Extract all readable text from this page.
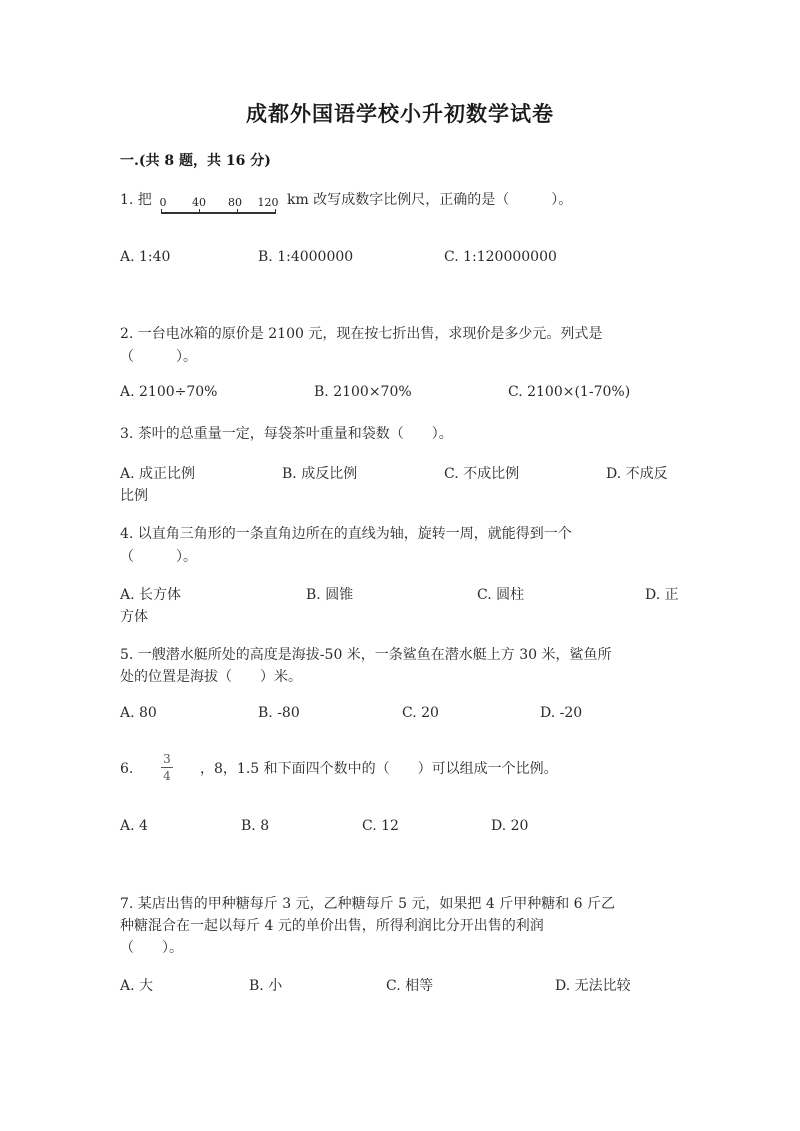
成都外国语学校小升初数学试卷
一.(共 8 题，共 16 分)
1. 把 0 40 80 120 km 改写成数字比例尺，正确的是（　　　）。
A. 1:40	B. 1:4000000	C. 1:120000000
2. 一台电冰箱的原价是 2100 元，现在按七折出售，求现价是多少元。列式是
（　　　）。
A. 2100÷70%	B. 2100×70%	C. 2100×(1-70%)
3. 茶叶的总重量一定，每袋茶叶重量和袋数（　　）。
A. 成正比例	B. 成反比例	C. 不成比例	D. 不成反
比例
4. 以直角三角形的一条直角边所在的直线为轴，旋转一周，就能得到一个
（　　　）。
A. 长方体	B. 圆锥	C. 圆柱	D. 正
方体
5. 一艘潜水艇所处的高度是海拔-50 米，一条鲨鱼在潜水艇上方 30 米，鲨鱼所
处的位置是海拔（　　）米。
A. 80	B. -80	C. 20	D. -20
6.
3
4	，8，1.5 和下面四个数中的（　　）可以组成一个比例。
A. 4	B. 8	C. 12	D. 20
7. 某店出售的甲种糖每斤 3 元，乙种糖每斤 5 元，如果把 4 斤甲种糖和 6 斤乙
种糖混合在一起以每斤 4 元的单价出售，所得利润比分开出售的利润
（　　）。
A. 大	B. 小	C. 相等	D. 无法比较
